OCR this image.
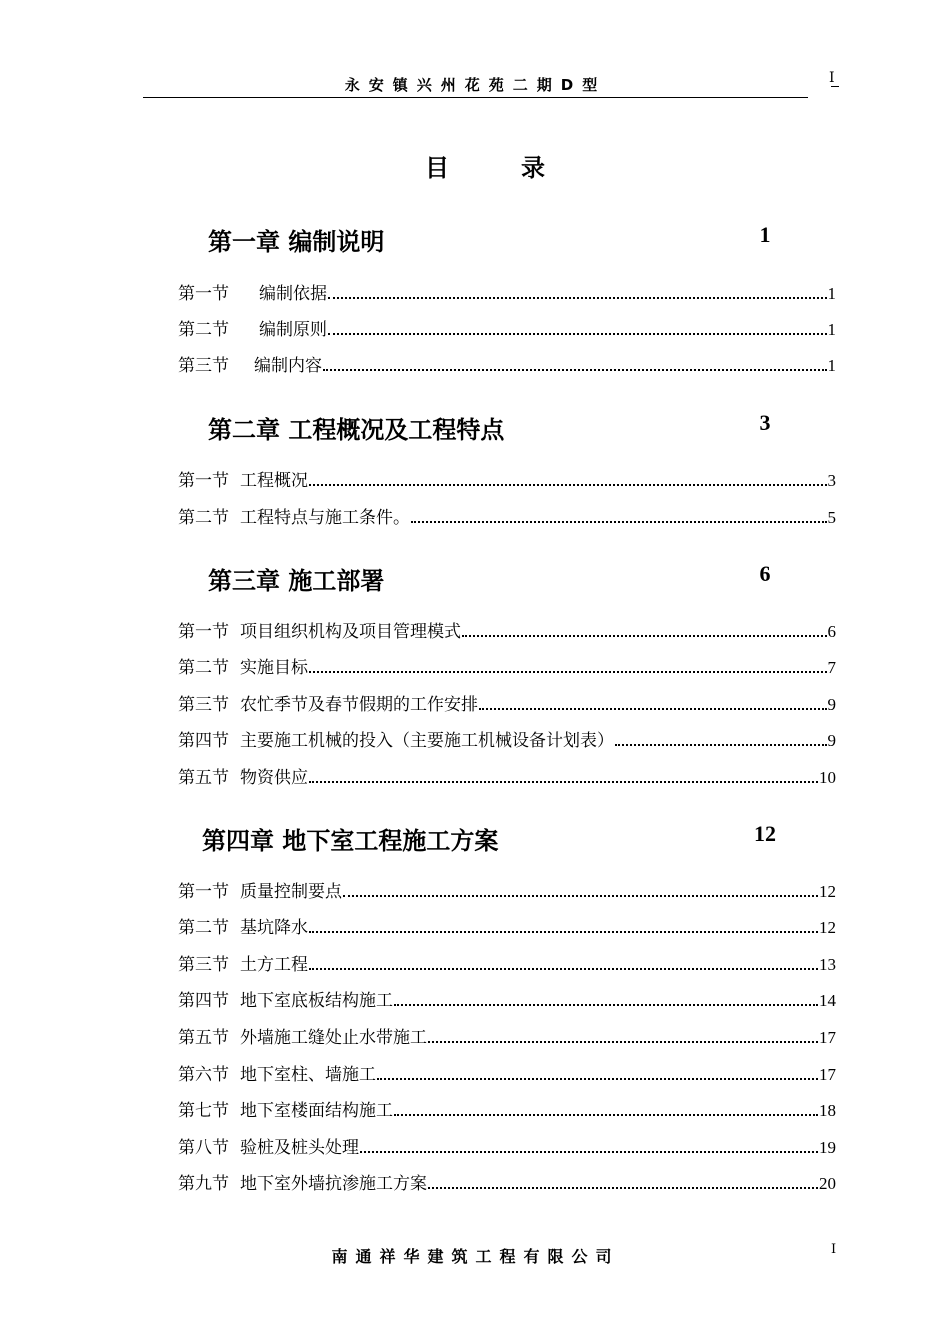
永安镇兴州花苑二期D型	I
目	录
第一章 编制说明	1
第一节 编制依据	1
第二节 编制原则	1
第三节 编制内容	1
第二章 工程概况及工程特点	3
第一节 工程概况	3
第二节 工程特点与施工条件。	5
第三章 施工部署	6
第一节 项目组织机构及项目管理模式	6
第二节 实施目标	7
第三节 农忙季节及春节假期的工作安排	9
第四节 主要施工机械的投入（主要施工机械设备计划表）	9
第五节 物资供应	10
第四章 地下室工程施工方案	12
第一节 质量控制要点	12
第二节 基坑降水	12
第三节 土方工程	13
第四节 地下室底板结构施工	14
第五节 外墙施工缝处止水带施工	17
第六节 地下室柱、墙施工	17
第七节 地下室楼面结构施工	18
第八节 验桩及桩头处理	19
第九节 地下室外墙抗渗施工方案	20
南通祥华建筑工程有限公司	I
